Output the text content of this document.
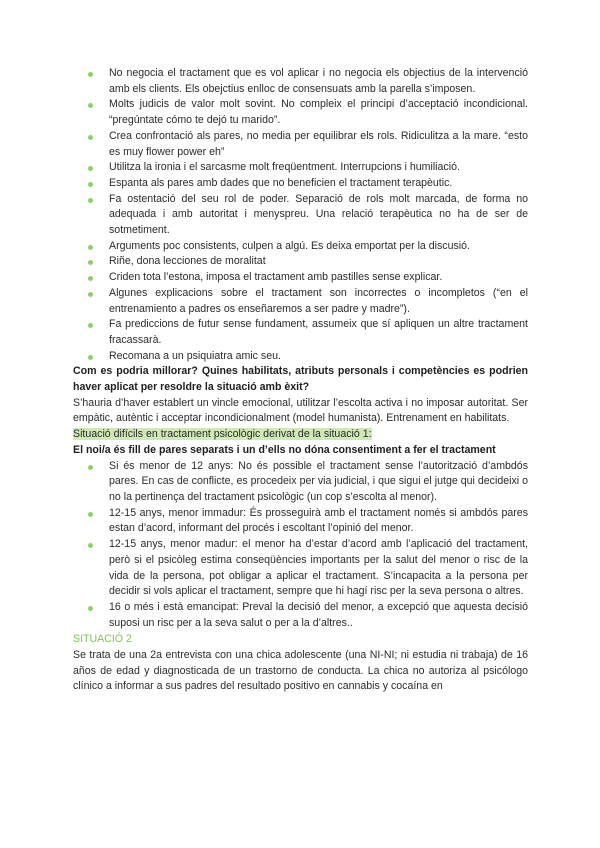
No negocia el tractament que es vol aplicar i no negocia els objectius de la intervenció amb els clients. Els obejctius enlloc de consensuats amb la parella s’imposen.
Molts judicis de valor molt sovint. No compleix el principi d’acceptació incondicional. “pregúntate cómo te dejó tu marido”.
Crea confrontació als pares, no media per equilibrar els rols. Ridiculitza a la mare. “esto es muy flower power eh”
Utilitza la ironia i el sarcasme molt freqüentment. Interrupcions i humiliació.
Espanta als pares amb dades que no beneficien el tractament terapèutic.
Fa ostentació del seu rol de poder. Separació de rols molt marcada, de forma no adequada i amb autoritat i menyspreu. Una relació terapèutica no ha de ser de sotmetiment.
Arguments poc consistents, culpen a algú. Es deixa emportat per la discusió.
Riñe, dona lecciones de moralitat
Criden tota l’estona, imposa el tractament amb pastilles sense explicar.
Algunes explicacions sobre el tractament son incorrectes o incompletos (“en el entrenamiento a padres os enseñaremos a ser padre y madre”).
Fa prediccions de futur sense fundament, assumeix que sí apliquen un altre tractament fracassarà.
Recomana a un psiquiatra amic seu.

Com es podria millorar? Quines habilitats, atributs personals i competències es podrien haver aplicat per resoldre la situació amb èxit?

S’hauria d’haver establert un vincle emocional, utilitzar l’escolta activa i no imposar autoritat. Ser empàtic, autèntic i acceptar incondicionalment (model humanista). Entrenament en habilitats.

Situació difícils en tractament psicològic derivat de la situació 1:

El noi/a és fill de pares separats i un d’ells no dóna consentiment a fer el tractament

Si és menor de 12 anys: No és possible el tractament sense l’autorització d’ambdós pares. En cas de conflicte, es procedeix per via judicial, i que sigui el jutge qui decideixi o no la pertinença del tractament psicològic (un cop s’escolta al menor).
12-15 anys, menor immadur: És prosseguirà amb el tractament només si ambdós pares estan d’acord, informant del procés i escoltant l’opinió del menor.
12-15 anys, menor madur: el menor ha d’estar d’acord amb l’aplicació del tractament, però si el psicòleg estima conseqüències importants per la salut del menor o risc de la vida de la persona, pot obligar a aplicar el tractament. S’incapacita a la persona per decidir si vols aplicar el tractament, sempre que hi hagí risc per la seva persona o altres.
16 o més i està emancipat: Preval la decisió del menor, a excepció que aquesta decisió suposi un risc per a la seva salut o per a la d’altres..

SITUACIÓ 2

Se trata de una 2a entrevista con una chica adolescente (una NI-NI; ni estudia ni trabaja) de 16 años de edad y diagnosticada de un trastorno de conducta. La chica no autoriza al psicólogo clínico a informar a sus padres del resultado positivo en cannabis y cocaína en
